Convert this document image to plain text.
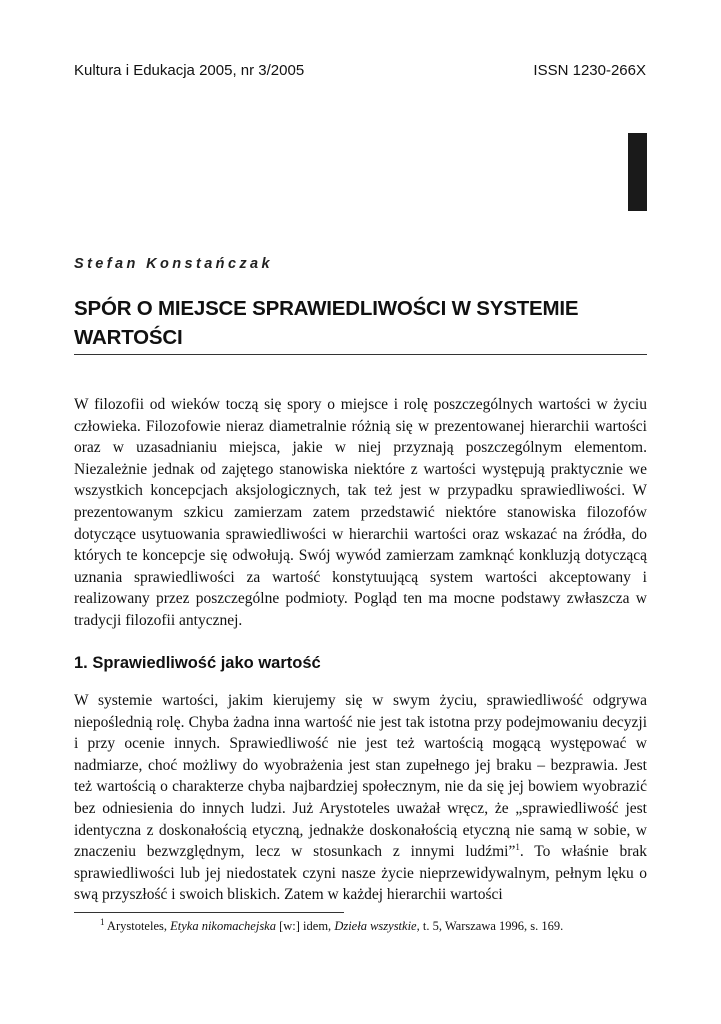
Kultura i Edukacja 2005, nr 3/2005	ISSN 1230-266X
Stefan Konstańczak
SPÓR O MIEJSCE SPRAWIEDLIWOŚCI W SYSTEMIE WARTOŚCI

W filozofii od wieków toczą się spory o miejsce i rolę poszczególnych wartości w życiu człowieka. Filozofowie nieraz diametralnie różnią się w prezentowanej hierarchii wartości oraz w uzasadnianiu miejsca, jakie w niej przyznają poszczególnym elementom. Niezależnie jednak od zajętego stanowiska niektóre z wartości występują praktycznie we wszystkich koncepcjach aksjologicznych, tak też jest w przypadku sprawiedliwości. W prezentowanym szkicu zamierzam zatem przedstawić niektóre stanowiska filozofów dotyczące usytuowania sprawiedliwości w hierarchii wartości oraz wskazać na źródła, do których te koncepcje się odwołują. Swój wywód zamierzam zamknąć konkluzją dotyczącą uznania sprawiedliwości za wartość konstytuującą system wartości akceptowany i realizowany przez poszczególne podmioty. Pogląd ten ma mocne podstawy zwłaszcza w tradycji filozofii antycznej.

1. Sprawiedliwość jako wartość

W systemie wartości, jakim kierujemy się w swym życiu, sprawiedliwość odgrywa niepoślednią rolę. Chyba żadna inna wartość nie jest tak istotna przy podejmowaniu decyzji i przy ocenie innych. Sprawiedliwość nie jest też wartością mogącą występować w nadmiarze, choć możliwy do wyobrażenia jest stan zupełnego jej braku – bezprawia. Jest też wartością o charakterze chyba najbardziej społecznym, nie da się jej bowiem wyobrazić bez odniesienia do innych ludzi. Już Arystoteles uważał wręcz, że „sprawiedliwość jest identyczna z doskonałością etyczną, jednakże doskonałością etyczną nie samą w sobie, w znaczeniu bezwzględnym, lecz w stosunkach z innymi ludźmi”$^1$. To właśnie brak sprawiedliwości lub jej niedostatek czyni nasze życie nieprzewidywalnym, pełnym lęku o swą przyszłość i swoich bliskich. Zatem w każdej hierarchii wartości

$^1$ Arystoteles, Etyka nikomachejska [w:] idem, Dzieła wszystkie, t. 5, Warszawa 1996, s. 169.
